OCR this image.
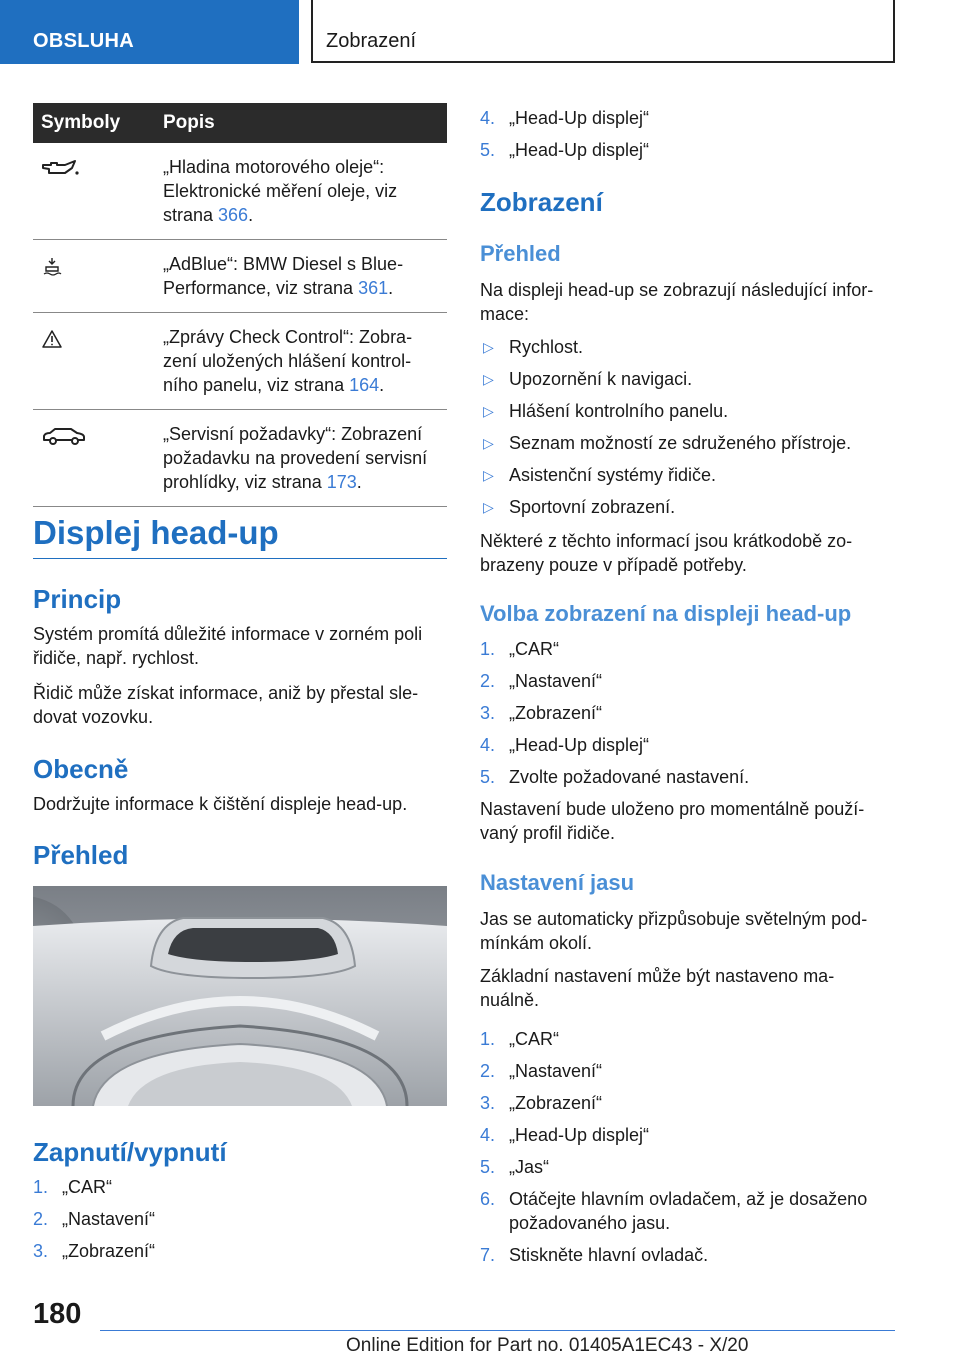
OBSLUHA	Zobrazení
Symboly	Popis

„Hladina motorového oleje“:
Elektronické měření oleje, viz
strana 366.

„AdBlue“: BMW Diesel s Blue-
Performance, viz strana 361.

„Zprávy Check Control“: Zobra-
zení uložených hlášení kontrol-
ního panelu, viz strana 164.

„Servisní požadavky“: Zobrazení
požadavku na provedení servisní
prohlídky, viz strana 173.
Displej head-up
Princip
Systém promítá důležité informace v zorném poli
řidiče, např. rychlost.
Řidič může získat informace, aniž by přestal sle-
dovat vozovku.
Obecně
Dodržujte informace k čištění displeje head-up.
Přehled
Zapnutí/vypnutí
1. „CAR“
2. „Nastavení“
3. „Zobrazení“
4. „Head-Up displej“
5. „Head-Up displej“
Zobrazení
Přehled
Na displeji head-up se zobrazují následující infor-
mace:
▷ Rychlost.
▷ Upozornění k navigaci.
▷ Hlášení kontrolního panelu.
▷ Seznam možností ze sdruženého přístroje.
▷ Asistenční systémy řidiče.
▷ Sportovní zobrazení.
Některé z těchto informací jsou krátkodobě zo-
brazeny pouze v případě potřeby.
Volba zobrazení na displeji head-up
1. „CAR“
2. „Nastavení“
3. „Zobrazení“
4. „Head-Up displej“
5. Zvolte požadované nastavení.
Nastavení bude uloženo pro momentálně použí-
vaný profil řidiče.
Nastavení jasu
Jas se automaticky přizpůsobuje světelným pod-
mínkám okolí.
Základní nastavení může být nastaveno ma-
nuálně.
1. „CAR“
2. „Nastavení“
3. „Zobrazení“
4. „Head-Up displej“
5. „Jas“
6. Otáčejte hlavním ovladačem, až je dosaženo
požadovaného jasu.
7. Stiskněte hlavní ovladač.
180
Online Edition for Part no. 01405A1EC43 - X/20
